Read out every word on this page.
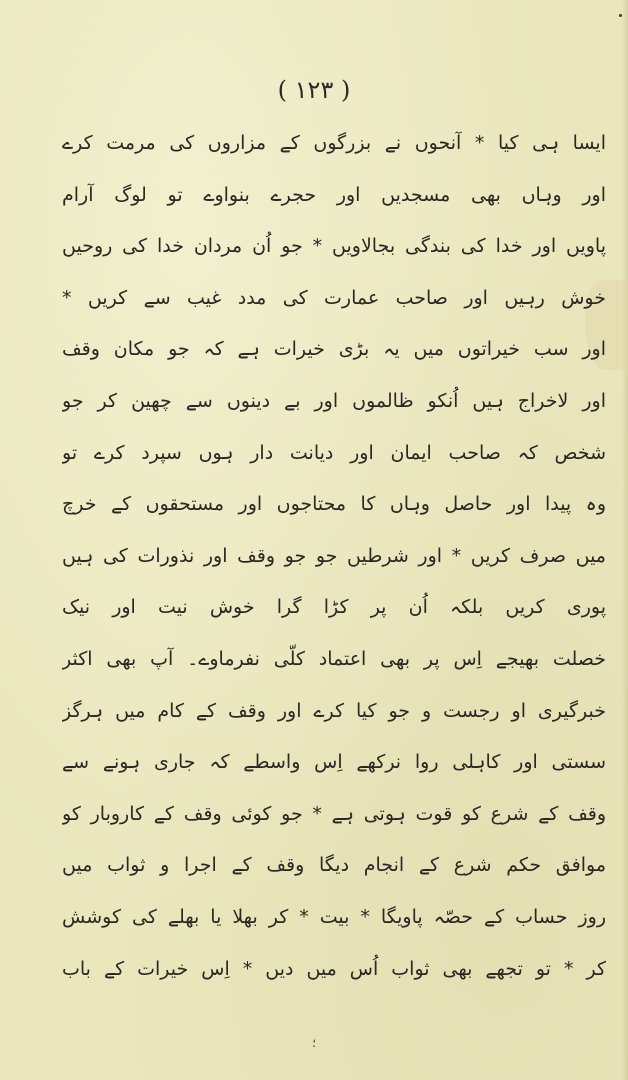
( ۱۲۳ )
ایسا ہی کیا * آنحوں نے بزرگوں کے مزاروں کی مرمت کرے
اور وہاں بھی مسجدیں اور حجرے بنواوے تو لوگ آرام
پاویں اور خدا کی بندگی بجالاویں * جو اُن مردان خدا کی روحیں
خوش رہیں اور صاحب عمارت کی مدد غیب سے کریں *
اور سب خیراتوں میں یہ بڑی خیرات ہے کہ جو مکان وقف
اور لاخراج ہیں اُنکو ظالموں اور بے دینوں سے چھین کر جو
شخص کہ صاحب ایمان اور دیانت دار ہوں سپرد کرے تو
وہ پیدا اور حاصل وہاں کا محتاجوں اور مستحقوں کے خرچ
میں صرف کریں * اور شرطیں جو جو وقف اور نذورات کی ہیں
پوری کریں بلکہ اُن پر کڑا گرا خوش نیت اور نیک
خصلت بھیجے اِس پر بھی اعتماد کلّی نفرماوے۔ آپ بھی اکثر
خبرگیری او رجست و جو کیا کرے اور وقف کے کام میں ہرگز
سستی اور کاہلی روا نرکھے اِس واسطے کہ جاری ہونے سے
وقف کے شرع کو قوت ہوتی ہے * جو کوئی وقف کے کاروبار کو
موافق حکم شرع کے انجام دیگا وقف کے اجرا و ثواب میں
روز حساب کے حصّہ پاویگا * بیت * کر بھلا یا بھلے کی کوشش
کر * تو تجھے بھی ثواب اُس میں دیں * اِس خیرات کے باب
؛
